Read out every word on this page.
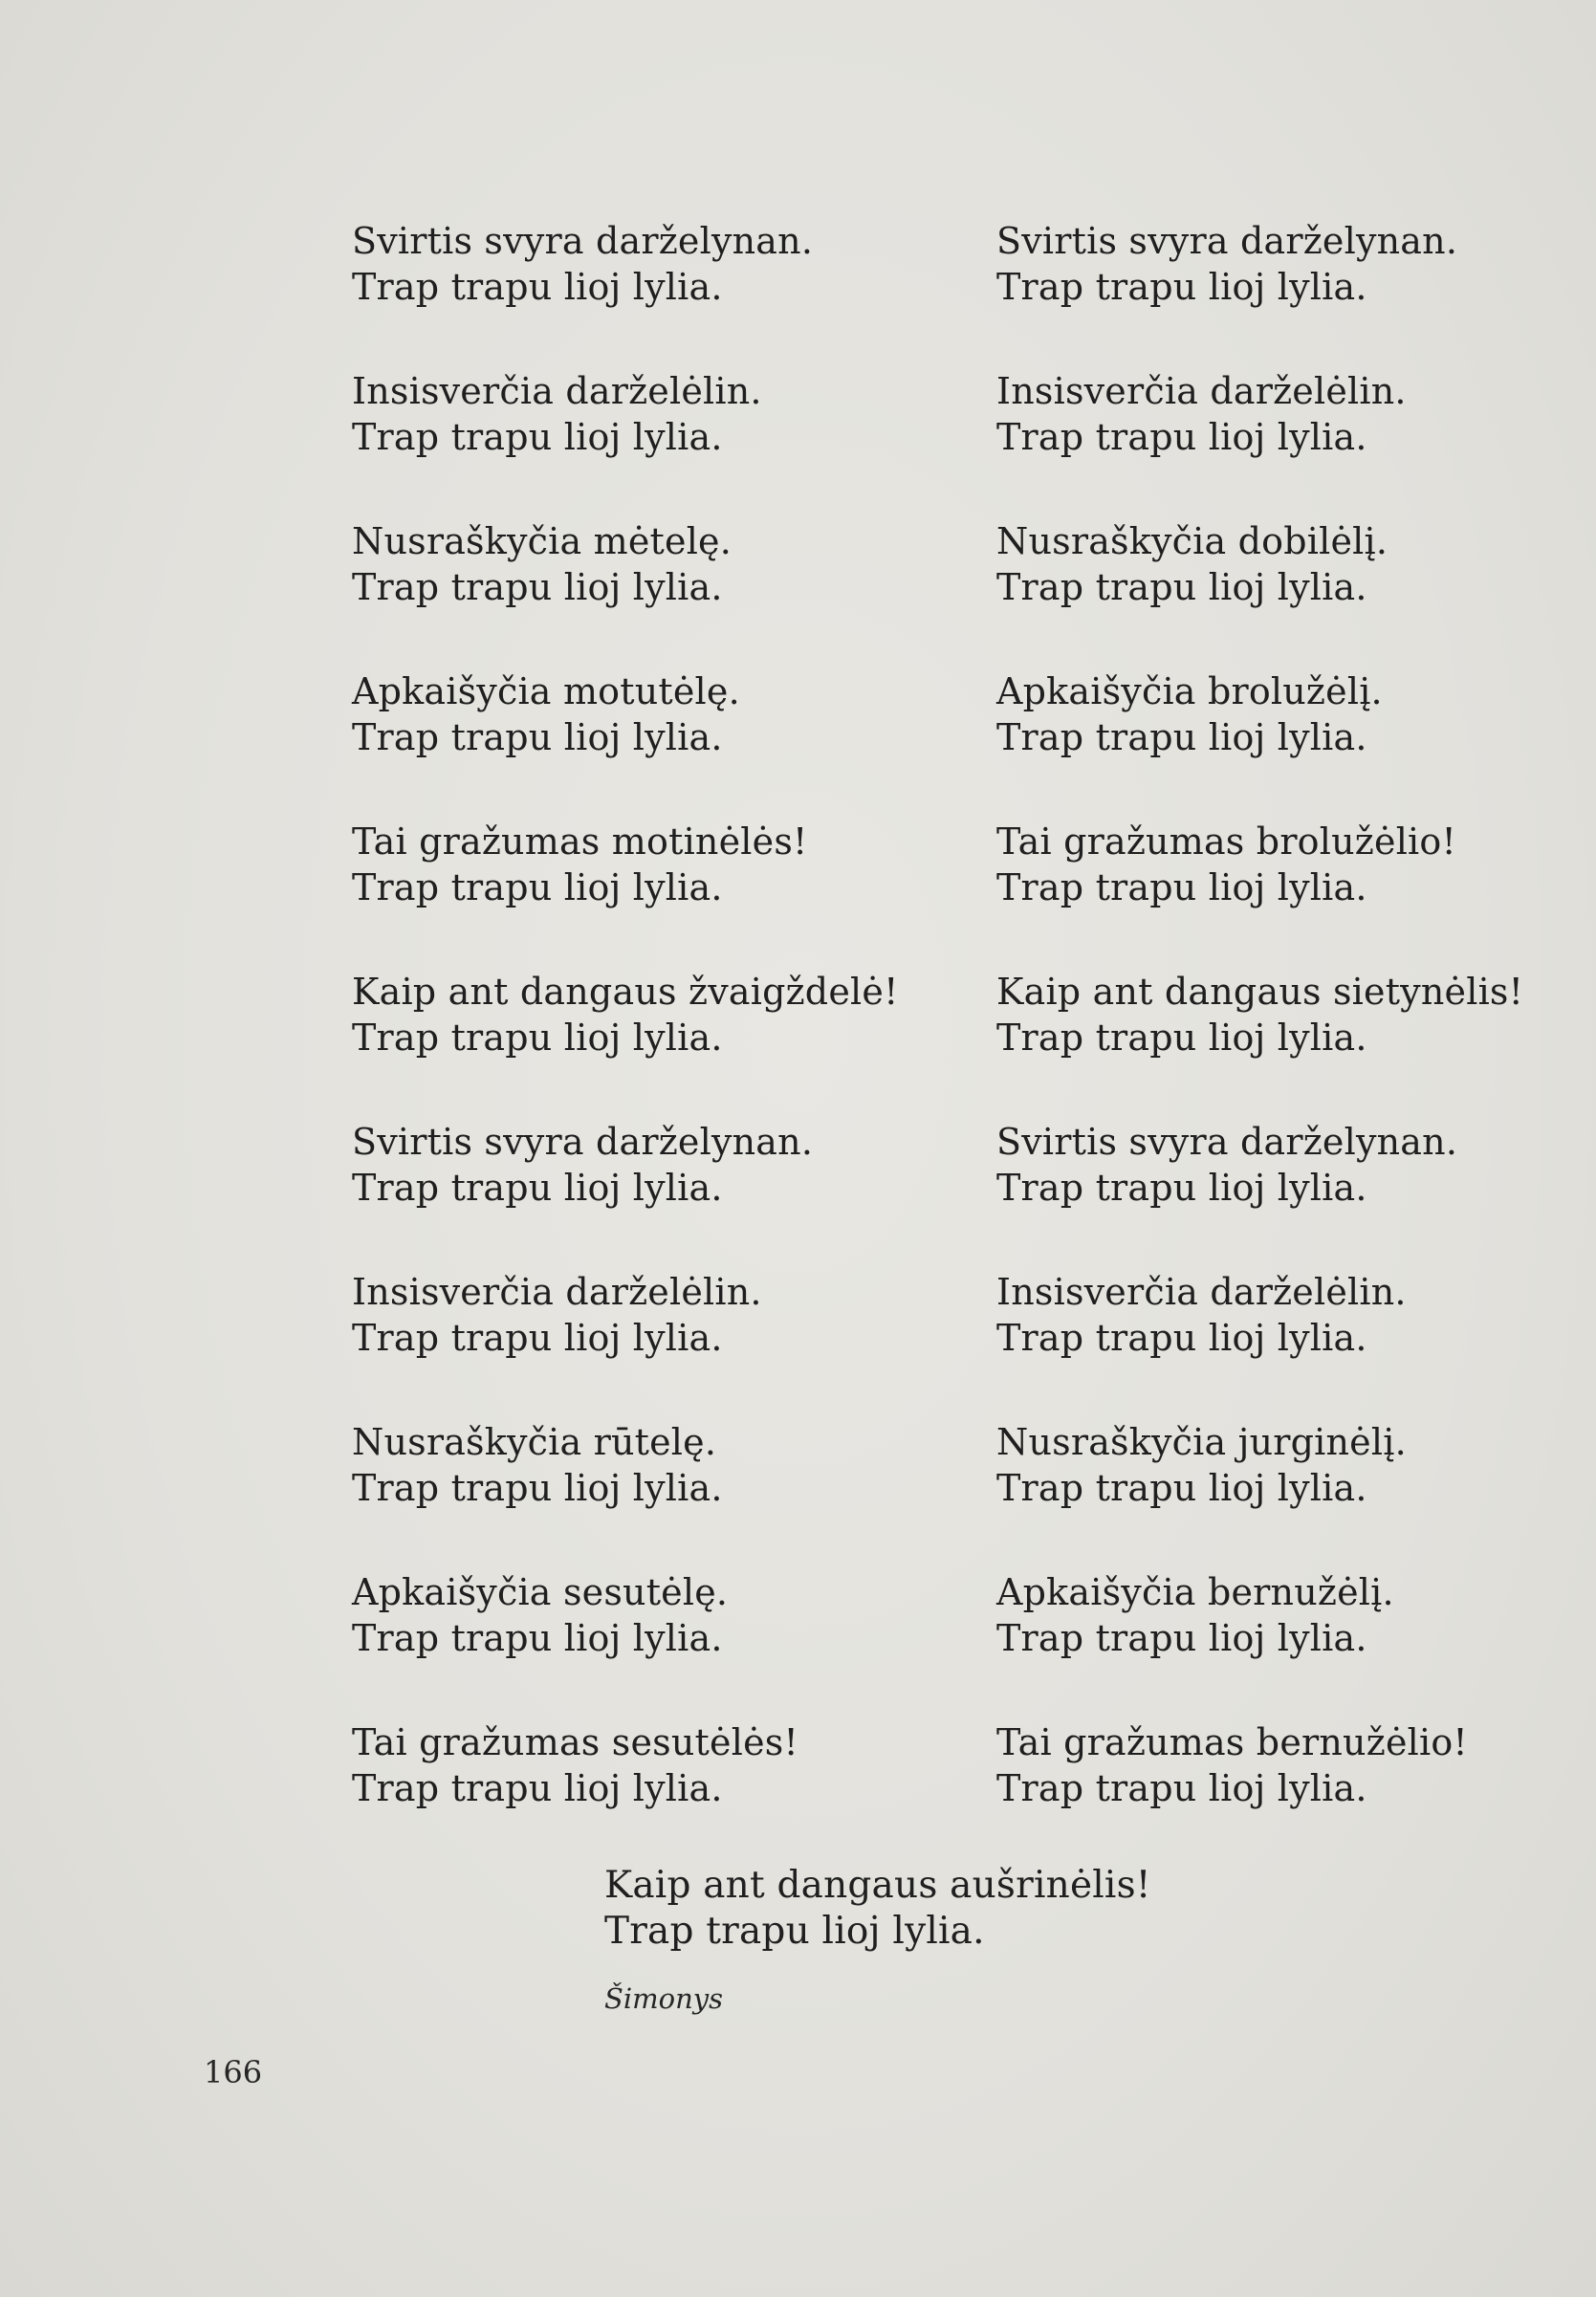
Svirtis svyra darželynan.
Trap trapu lioj lylia.
Insisverčia darželėlin.
Trap trapu lioj lylia.
Nusraškyčia mėtelę.
Trap trapu lioj lylia.
Apkaišyčia motutėlę.
Trap trapu lioj lylia.
Tai gražumas motinėlės!
Trap trapu lioj lylia.
Kaip ant dangaus žvaigždelė!
Trap trapu lioj lylia.
Svirtis svyra darželynan.
Trap trapu lioj lylia.
Insisverčia darželėlin.
Trap trapu lioj lylia.
Nusraškyčia rūtelę.
Trap trapu lioj lylia.
Apkaišyčia sesutėlę.
Trap trapu lioj lylia.
Tai gražumas sesutėlės!
Trap trapu lioj lylia.
Svirtis svyra darželynan.
Trap trapu lioj lylia.
Insisverčia darželėlin.
Trap trapu lioj lylia.
Nusraškyčia dobilėlį.
Trap trapu lioj lylia.
Apkaišyčia brolužėlį.
Trap trapu lioj lylia.
Tai gražumas brolužėlio!
Trap trapu lioj lylia.
Kaip ant dangaus sietynėlis!
Trap trapu lioj lylia.
Svirtis svyra darželynan.
Trap trapu lioj lylia.
Insisverčia darželėlin.
Trap trapu lioj lylia.
Nusraškyčia jurginėlį.
Trap trapu lioj lylia.
Apkaišyčia bernužėlį.
Trap trapu lioj lylia.
Tai gražumas bernužėlio!
Trap trapu lioj lylia.
Kaip ant dangaus aušrinėlis!
Trap trapu lioj lylia.
Šimonys
166
